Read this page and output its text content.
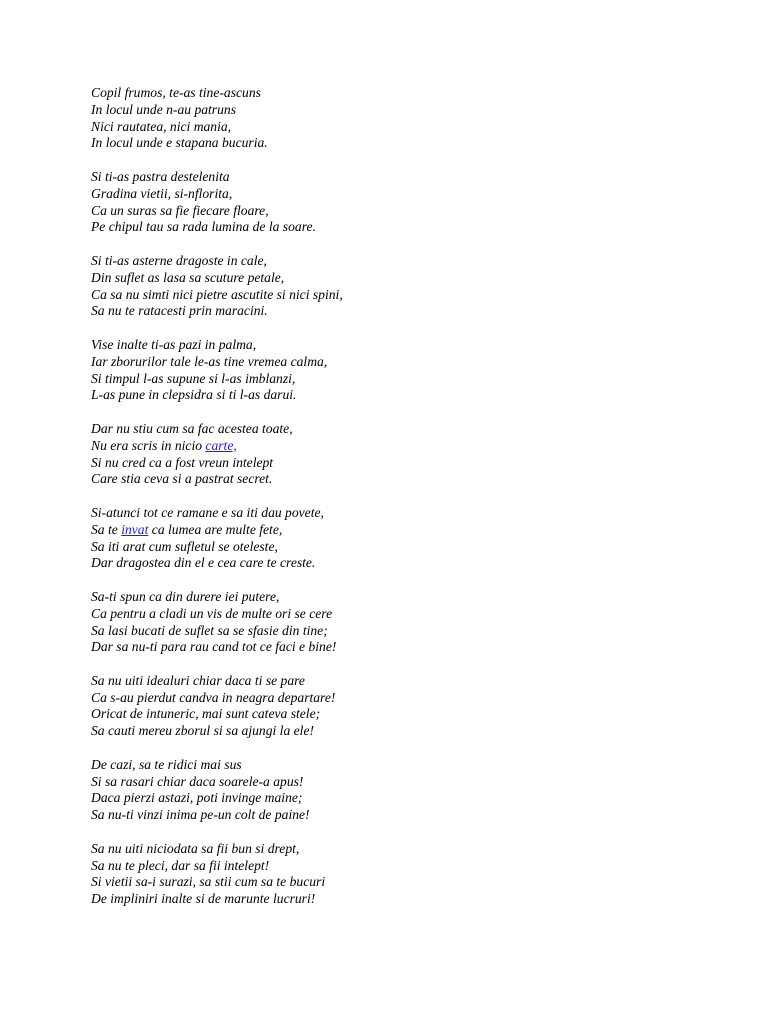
Copil frumos, te-as tine-ascuns
In locul unde n-au patruns
Nici rautatea, nici mania,
In locul unde e stapana bucuria.
Si ti-as pastra destelenita
Gradina vietii, si-nflorita,
Ca un suras sa fie fiecare floare,
Pe chipul tau sa rada lumina de la soare.
Si ti-as asterne dragoste in cale,
Din suflet as lasa sa scuture petale,
Ca sa nu simti nici pietre ascutite si nici spini,
Sa nu te ratacesti prin maracini.
Vise inalte ti-as pazi in palma,
Iar zborurilor tale le-as tine vremea calma,
Si timpul l-as supune si l-as imblanzi,
L-as pune in clepsidra si ti l-as darui.
Dar nu stiu cum sa fac acestea toate,
Nu era scris in nicio carte,
Si nu cred ca a fost vreun intelept
Care stia ceva si a pastrat secret.
Si-atunci tot ce ramane e sa iti dau povete,
Sa te invat ca lumea are multe fete,
Sa iti arat cum sufletul se oteleste,
Dar dragostea din el e cea care te creste.
Sa-ti spun ca din durere iei putere,
Ca pentru a cladi un vis de multe ori se cere
Sa lasi bucati de suflet sa se sfasie din tine;
Dar sa nu-ti para rau cand tot ce faci e bine!
Sa nu uiti idealuri chiar daca ti se pare
Ca s-au pierdut candva in neagra departare!
Oricat de intuneric, mai sunt cateva stele;
Sa cauti mereu zborul si sa ajungi la ele!
De cazi, sa te ridici mai sus
Si sa rasari chiar daca soarele-a apus!
Daca pierzi astazi, poti invinge maine;
Sa nu-ti vinzi inima pe-un colt de paine!
Sa nu uiti niciodata sa fii bun si drept,
Sa nu te pleci, dar sa fii intelept!
Si vietii sa-i surazi, sa stii cum sa te bucuri
De impliniri inalte si de marunte lucruri!
